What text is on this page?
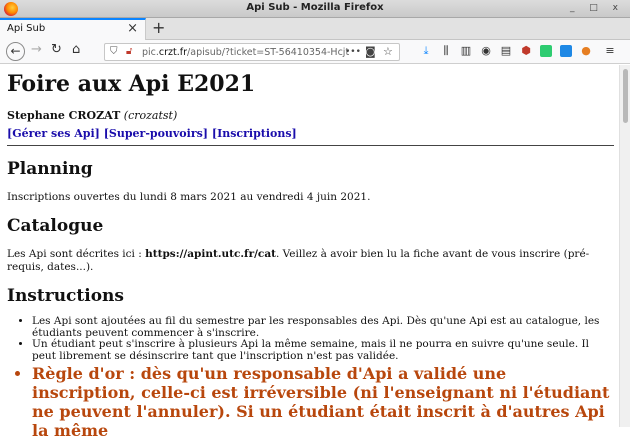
Api Sub - Mozilla Firefox	_ □ x
Api Sub	× +
← → ↻ ⌂	⛉ 🔓︎ pic.crzt.fr/apisub/?ticket=ST-56410354-Hcjt
••• ◙ ☆	⤓	⫼	▥ ◉ ▤ ⬢	● ≡
Foire aux Api E2021
Stephane CROZAT (crozatst)
[Gérer ses Api] [Super-pouvoirs] [Inscriptions]
Planning
Inscriptions ouvertes du lundi 8 mars 2021 au vendredi 4 juin 2021.
Catalogue
Les Api sont décrites ici : https://apint.utc.fr/cat. Veillez à avoir bien lu la fiche avant de vous inscrire (pré-requis, dates...).
Instructions
• Les Api sont ajoutées au fil du semestre par les responsables des Api. Dès qu'une Api est au catalogue, les étudiants peuvent commencer à s'inscrire.
• Un étudiant peut s'inscrire à plusieurs Api la même semaine, mais il ne pourra en suivre qu'une seule. Il peut librement se désinscrire tant que l'inscription n'est pas validée.
• Règle d'or : dès qu'un responsable d'Api a validé une inscription, celle-ci est irréversible (ni l'enseignant ni l'étudiant ne peuvent l'annuler). Si un étudiant était inscrit à d'autres Api la même
